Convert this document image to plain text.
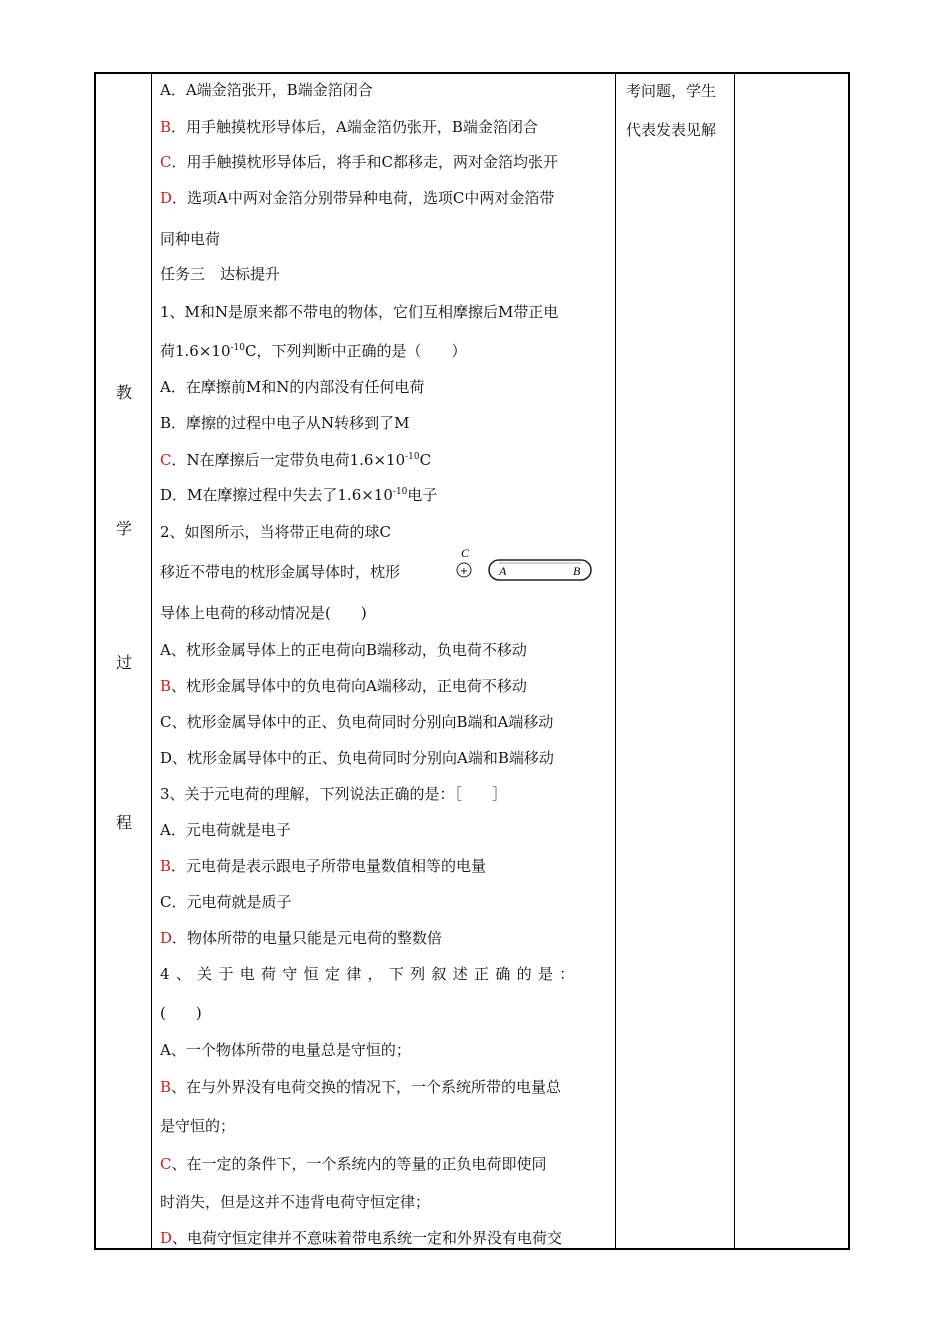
教
学
过
程
考问题，学生
代表发表见解
A．A端金箔张开，B端金箔闭合
B．用手触摸枕形导体后，A端金箔仍张开，B端金箔闭合
C．用手触摸枕形导体后，将手和C都移走，两对金箔均张开
D．选项A中两对金箔分别带异种电荷，选项C中两对金箔带
同种电荷
任务三　达标提升
1、M和N是原来都不带电的物体，它们互相摩擦后M带正电
荷$1.6\times 10^{-10}C$，下列判断中正确的是（　　）
A．在摩擦前M和N的内部没有任何电荷
B．摩擦的过程中电子从N转移到了M
C．N在摩擦后一定带负电荷$1.6\times 10^{-10}C$
D．M在摩擦过程中失去了$1.6\times 10^{-10}$电子
2、如图所示，当将带正电荷的球C
移近不带电的枕形金属导体时，枕形
导体上电荷的移动情况是(　　)
A、枕形金属导体上的正电荷向B端移动，负电荷不移动
B、枕形金属导体中的负电荷向A端移动，正电荷不移动
C、枕形金属导体中的正、负电荷同时分别向B端和A端移动
D、枕形金属导体中的正、负电荷同时分别向A端和B端移动
3、关于元电荷的理解，下列说法正确的是：［　　］
A．元电荷就是电子
B．元电荷是表示跟电子所带电量数值相等的电量
C．元电荷就是质子
D．物体所带的电量只能是元电荷的整数倍
4、关于电荷守恒定律，下列叙述正确的是：
(　　)
A、一个物体所带的电量总是守恒的；
B、在与外界没有电荷交换的情况下，一个系统所带的电量总
是守恒的；
C、在一定的条件下，一个系统内的等量的正负电荷即使同
时消失，但是这并不违背电荷守恒定律；
D、电荷守恒定律并不意味着带电系统一定和外界没有电荷交
C
+	A	B
